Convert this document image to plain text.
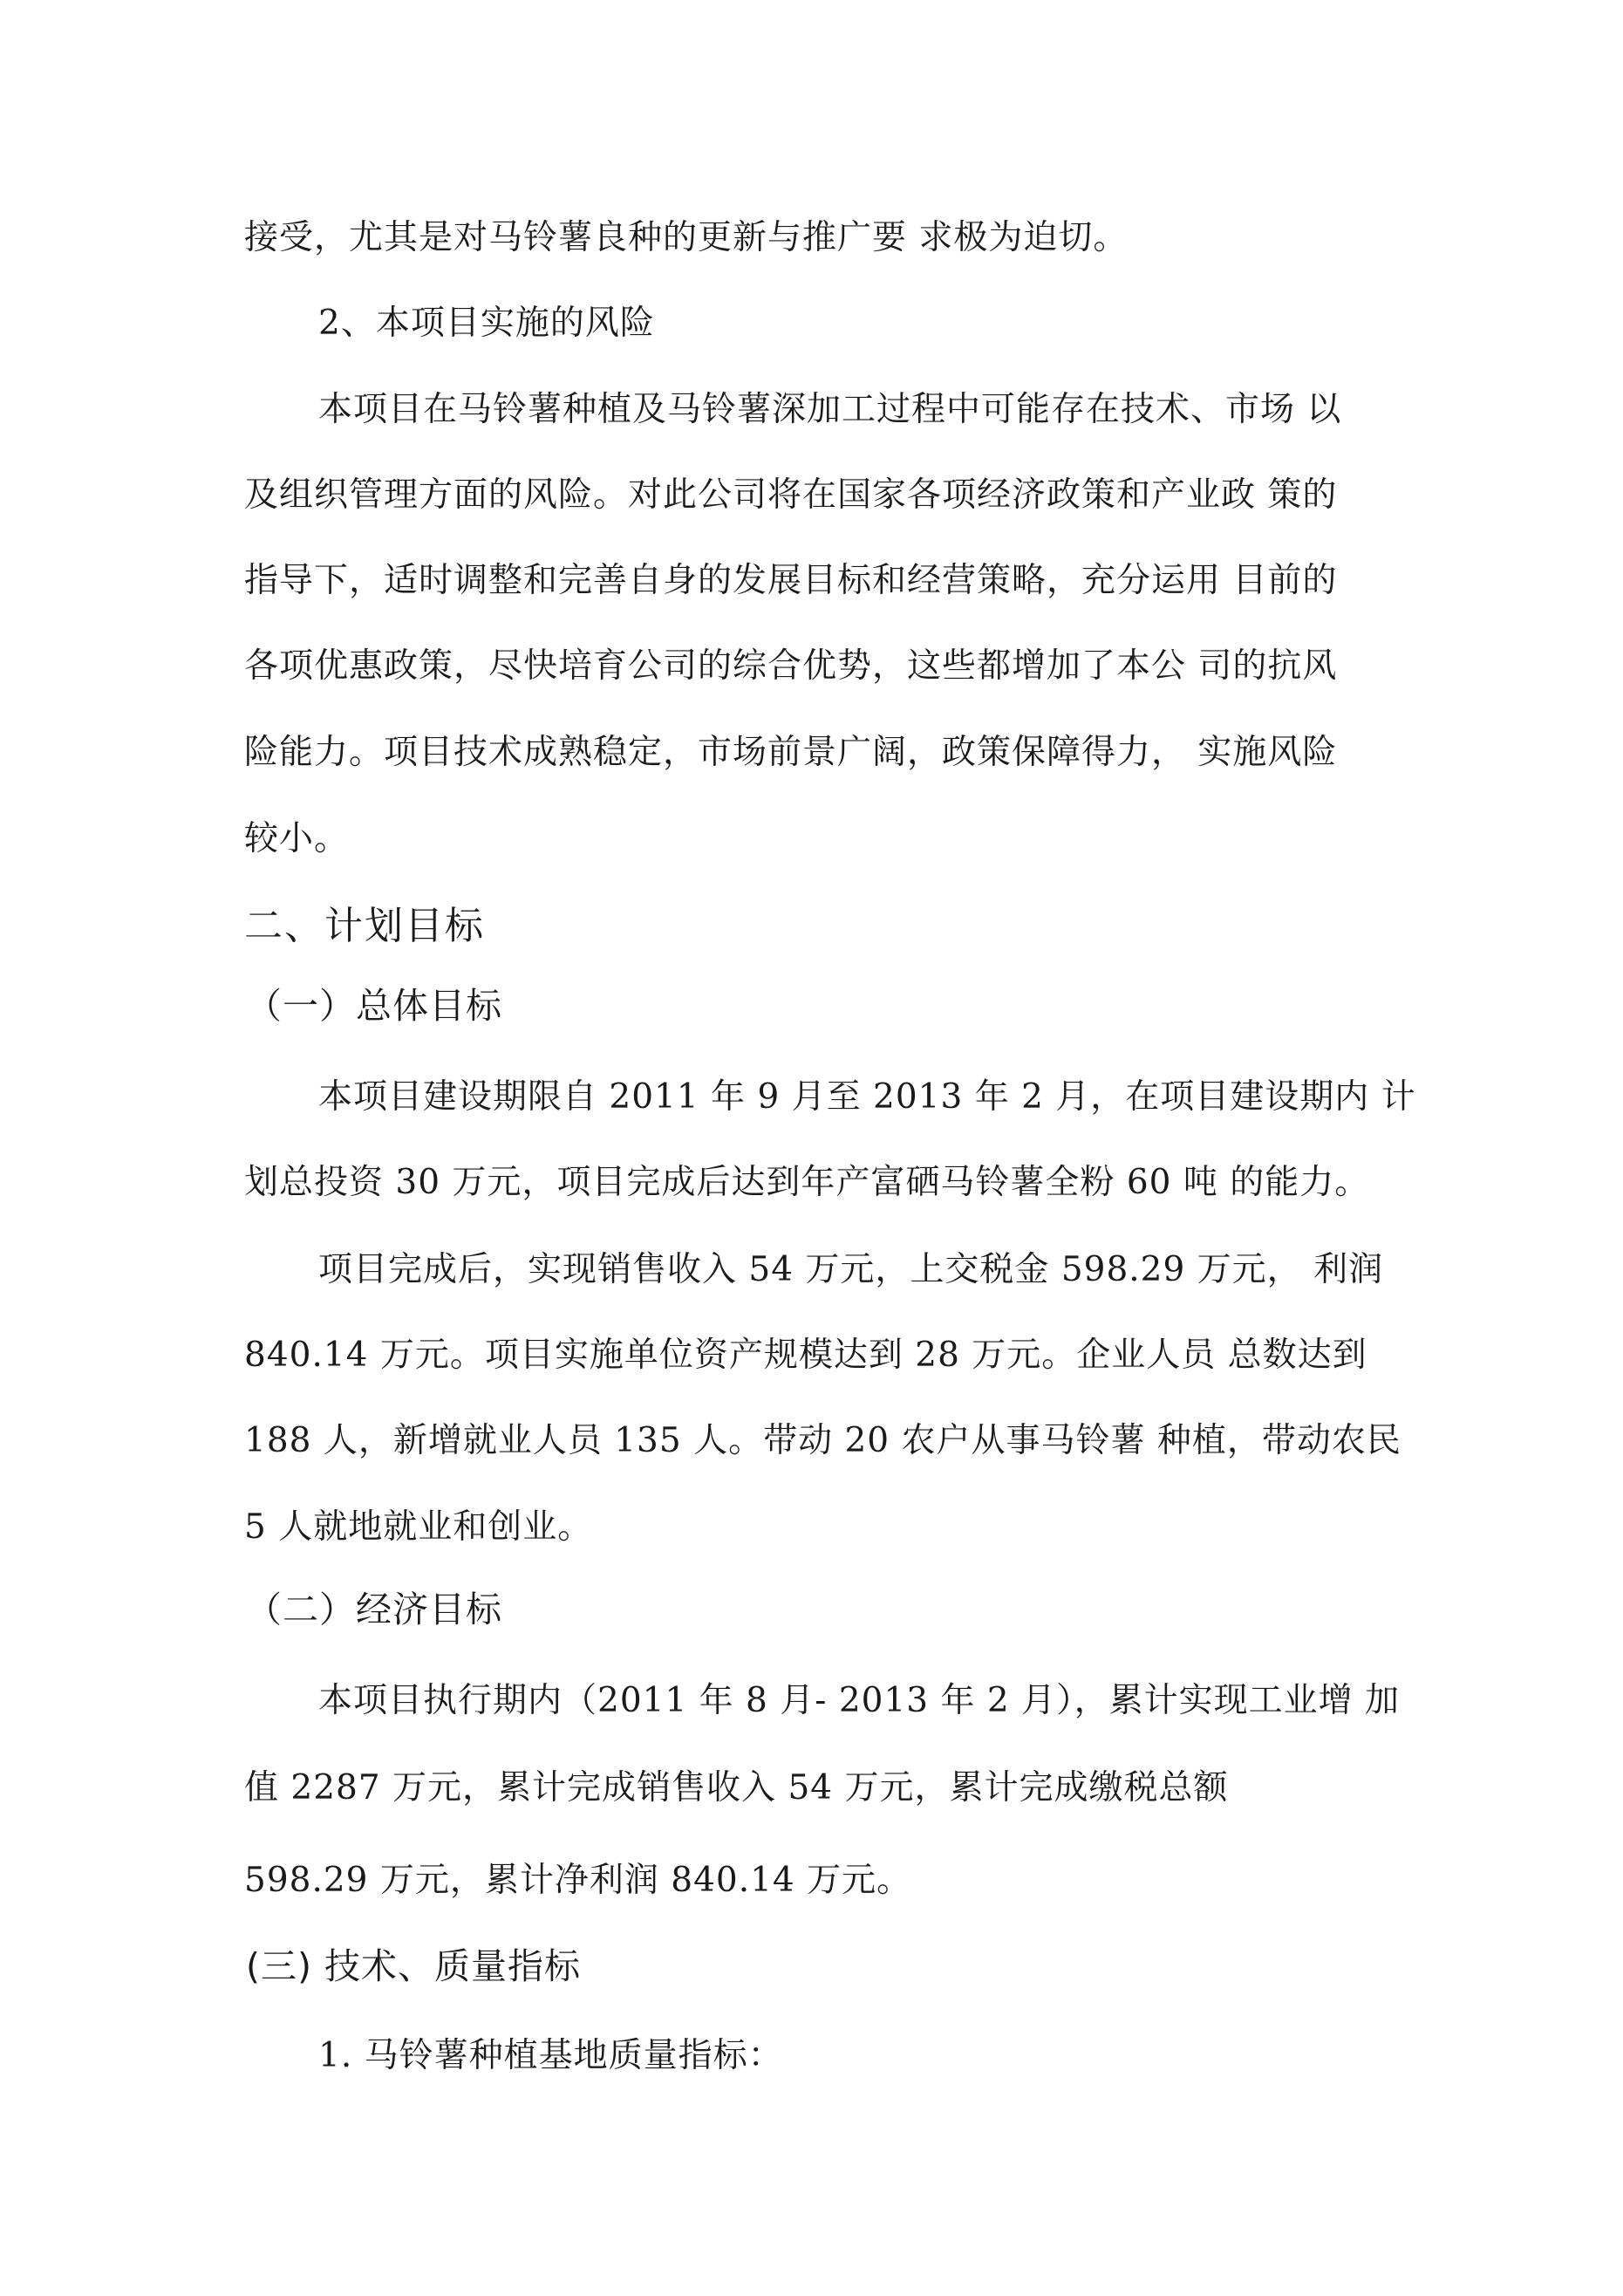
接受，尤其是对马铃薯良种的更新与推广要 求极为迫切。
2、本项目实施的风险
本项目在马铃薯种植及马铃薯深加工过程中可能存在技术、市场 以
及组织管理方面的风险。对此公司将在国家各项经济政策和产业政 策的
指导下，适时调整和完善自身的发展目标和经营策略，充分运用 目前的
各项优惠政策，尽快培育公司的综合优势，这些都增加了本公 司的抗风
险能力。项目技术成熟稳定，市场前景广阔，政策保障得力， 实施风险
较小。
二、计划目标
（一）总体目标
本项目建设期限自 2011 年 9 月至 2013 年 2 月，在项目建设期内 计
划总投资 30 万元，项目完成后达到年产富硒马铃薯全粉 60 吨 的能力。
项目完成后，实现销售收入 54 万元，上交税金 598.29 万元， 利润
840.14 万元。项目实施单位资产规模达到 28 万元。企业人员 总数达到
188 人，新增就业人员 135 人。带动 20 农户从事马铃薯 种植，带动农民
5 人就地就业和创业。
（二）经济目标
本项目执行期内（2011 年 8 月- 2013 年 2 月），累计实现工业增 加
值 2287 万元，累计完成销售收入 54 万元，累计完成缴税总额
598.29 万元，累计净利润 840.14 万元。
(三) 技术、质量指标
1. 马铃薯种植基地质量指标：
